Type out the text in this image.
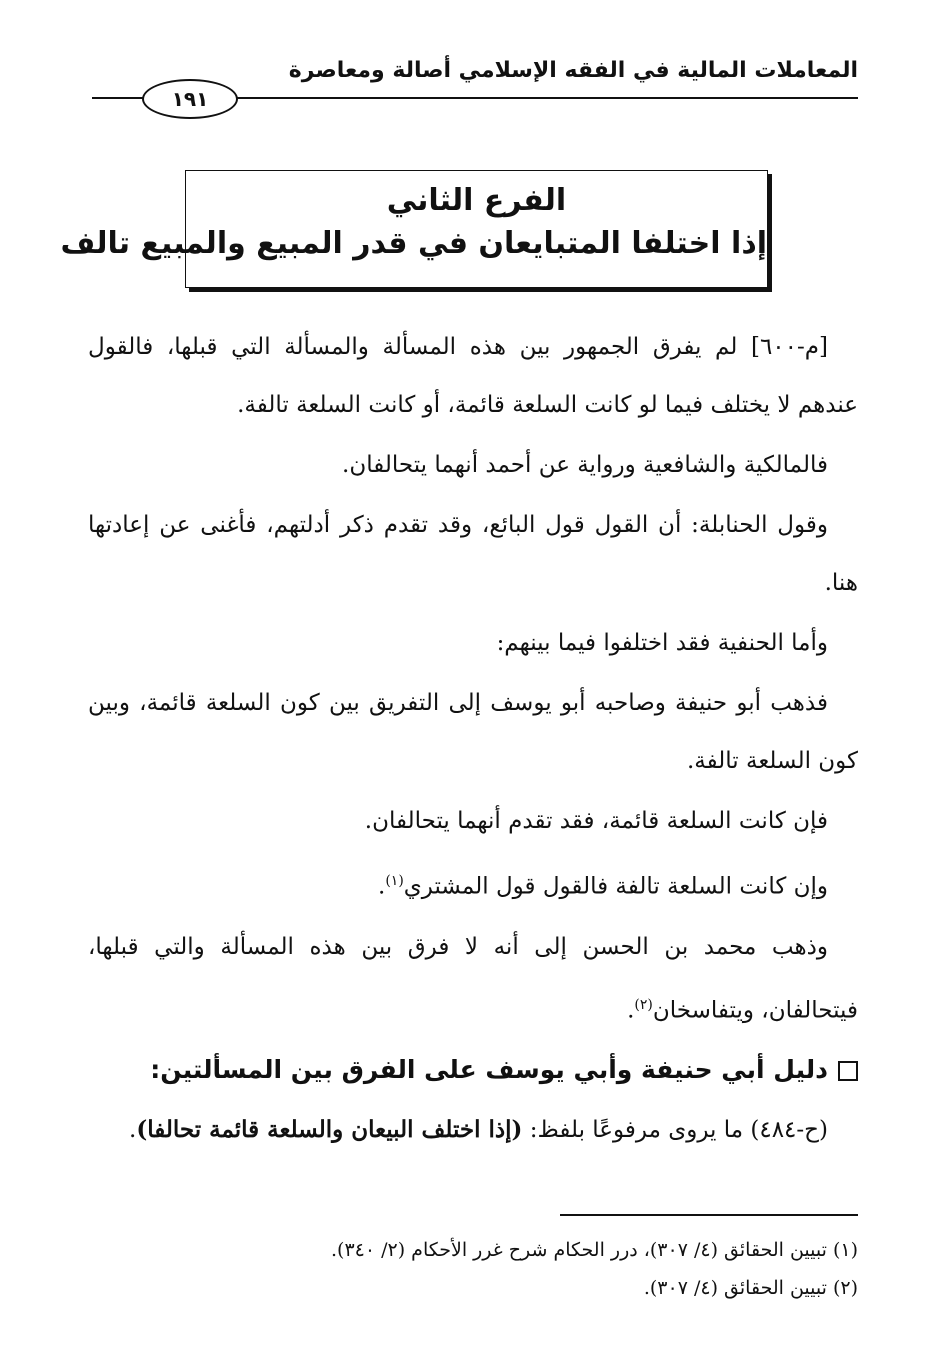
المعاملات المالية في الفقه الإسلامي أصالة ومعاصرة
١٩١
الفرع الثاني
إذا اختلفا المتبايعان في قدر المبيع والمبيع تالف

[م-٦٠٠] لم يفرق الجمهور بين هذه المسألة والمسألة التي قبلها، فالقول عندهم لا يختلف فيما لو كانت السلعة قائمة، أو كانت السلعة تالفة.

فالمالكية والشافعية ورواية عن أحمد أنهما يتحالفان.

وقول الحنابلة: أن القول قول البائع، وقد تقدم ذكر أدلتهم، فأغنى عن إعادتها هنا.

وأما الحنفية فقد اختلفوا فيما بينهم:

فذهب أبو حنيفة وصاحبه أبو يوسف إلى التفريق بين كون السلعة قائمة، وبين كون السلعة تالفة.

فإن كانت السلعة قائمة، فقد تقدم أنهما يتحالفان.

وإن كانت السلعة تالفة فالقول قول المشتري$^{(١)}$.

وذهب محمد بن الحسن إلى أنه لا فرق بين هذه المسألة والتي قبلها، فيتحالفان، ويتفاسخان$^{(٢)}$.

دليل أبي حنيفة وأبي يوسف على الفرق بين المسألتين:

(ح-٤٨٤) ما يروى مرفوعًا بلفظ: (إذا اختلف البيعان والسلعة قائمة تحالفا).

(١) تبيين الحقائق (٤/ ٣٠٧)، درر الحكام شرح غرر الأحكام (٢/ ٣٤٠).

(٢) تبيين الحقائق (٤/ ٣٠٧).
